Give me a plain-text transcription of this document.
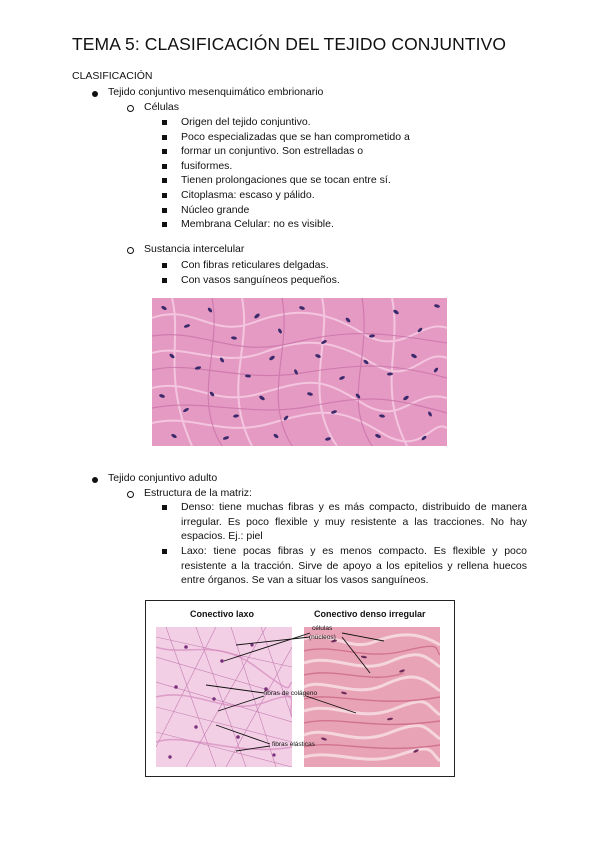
TEMA 5: CLASIFICACIÓN DEL TEJIDO CONJUNTIVO
CLASIFICACIÓN
Tejido conjuntivo mesenquimático embrionario
Células
Origen del tejido conjuntivo.
Poco especializadas que se han comprometido a
formar un conjuntivo. Son estrelladas o
fusiformes.
Tienen prolongaciones que se tocan entre sí.
Citoplasma: escaso y pálido.
Núcleo grande
Membrana Celular: no es visible.
Sustancia intercelular
Con fibras reticulares delgadas.
Con vasos sanguíneos pequeños.
Tejido conjuntivo adulto
Estructura de la matriz:
Denso: tiene muchas fibras y es más compacto, distribuido de manera irregular. Es poco flexible y muy resistente a las tracciones. No hay espacios. Ej.: piel
Laxo: tiene pocas fibras y es menos compacto. Es flexible y poco resistente a la tracción. Sirve de apoyo a los epitelios y rellena huecos entre órganos. Se van a situar los vasos sanguíneos.
Conectivo laxo	Conectivo denso irregular
células
(núcleos)
fibras de colágeno
fibras elásticas
